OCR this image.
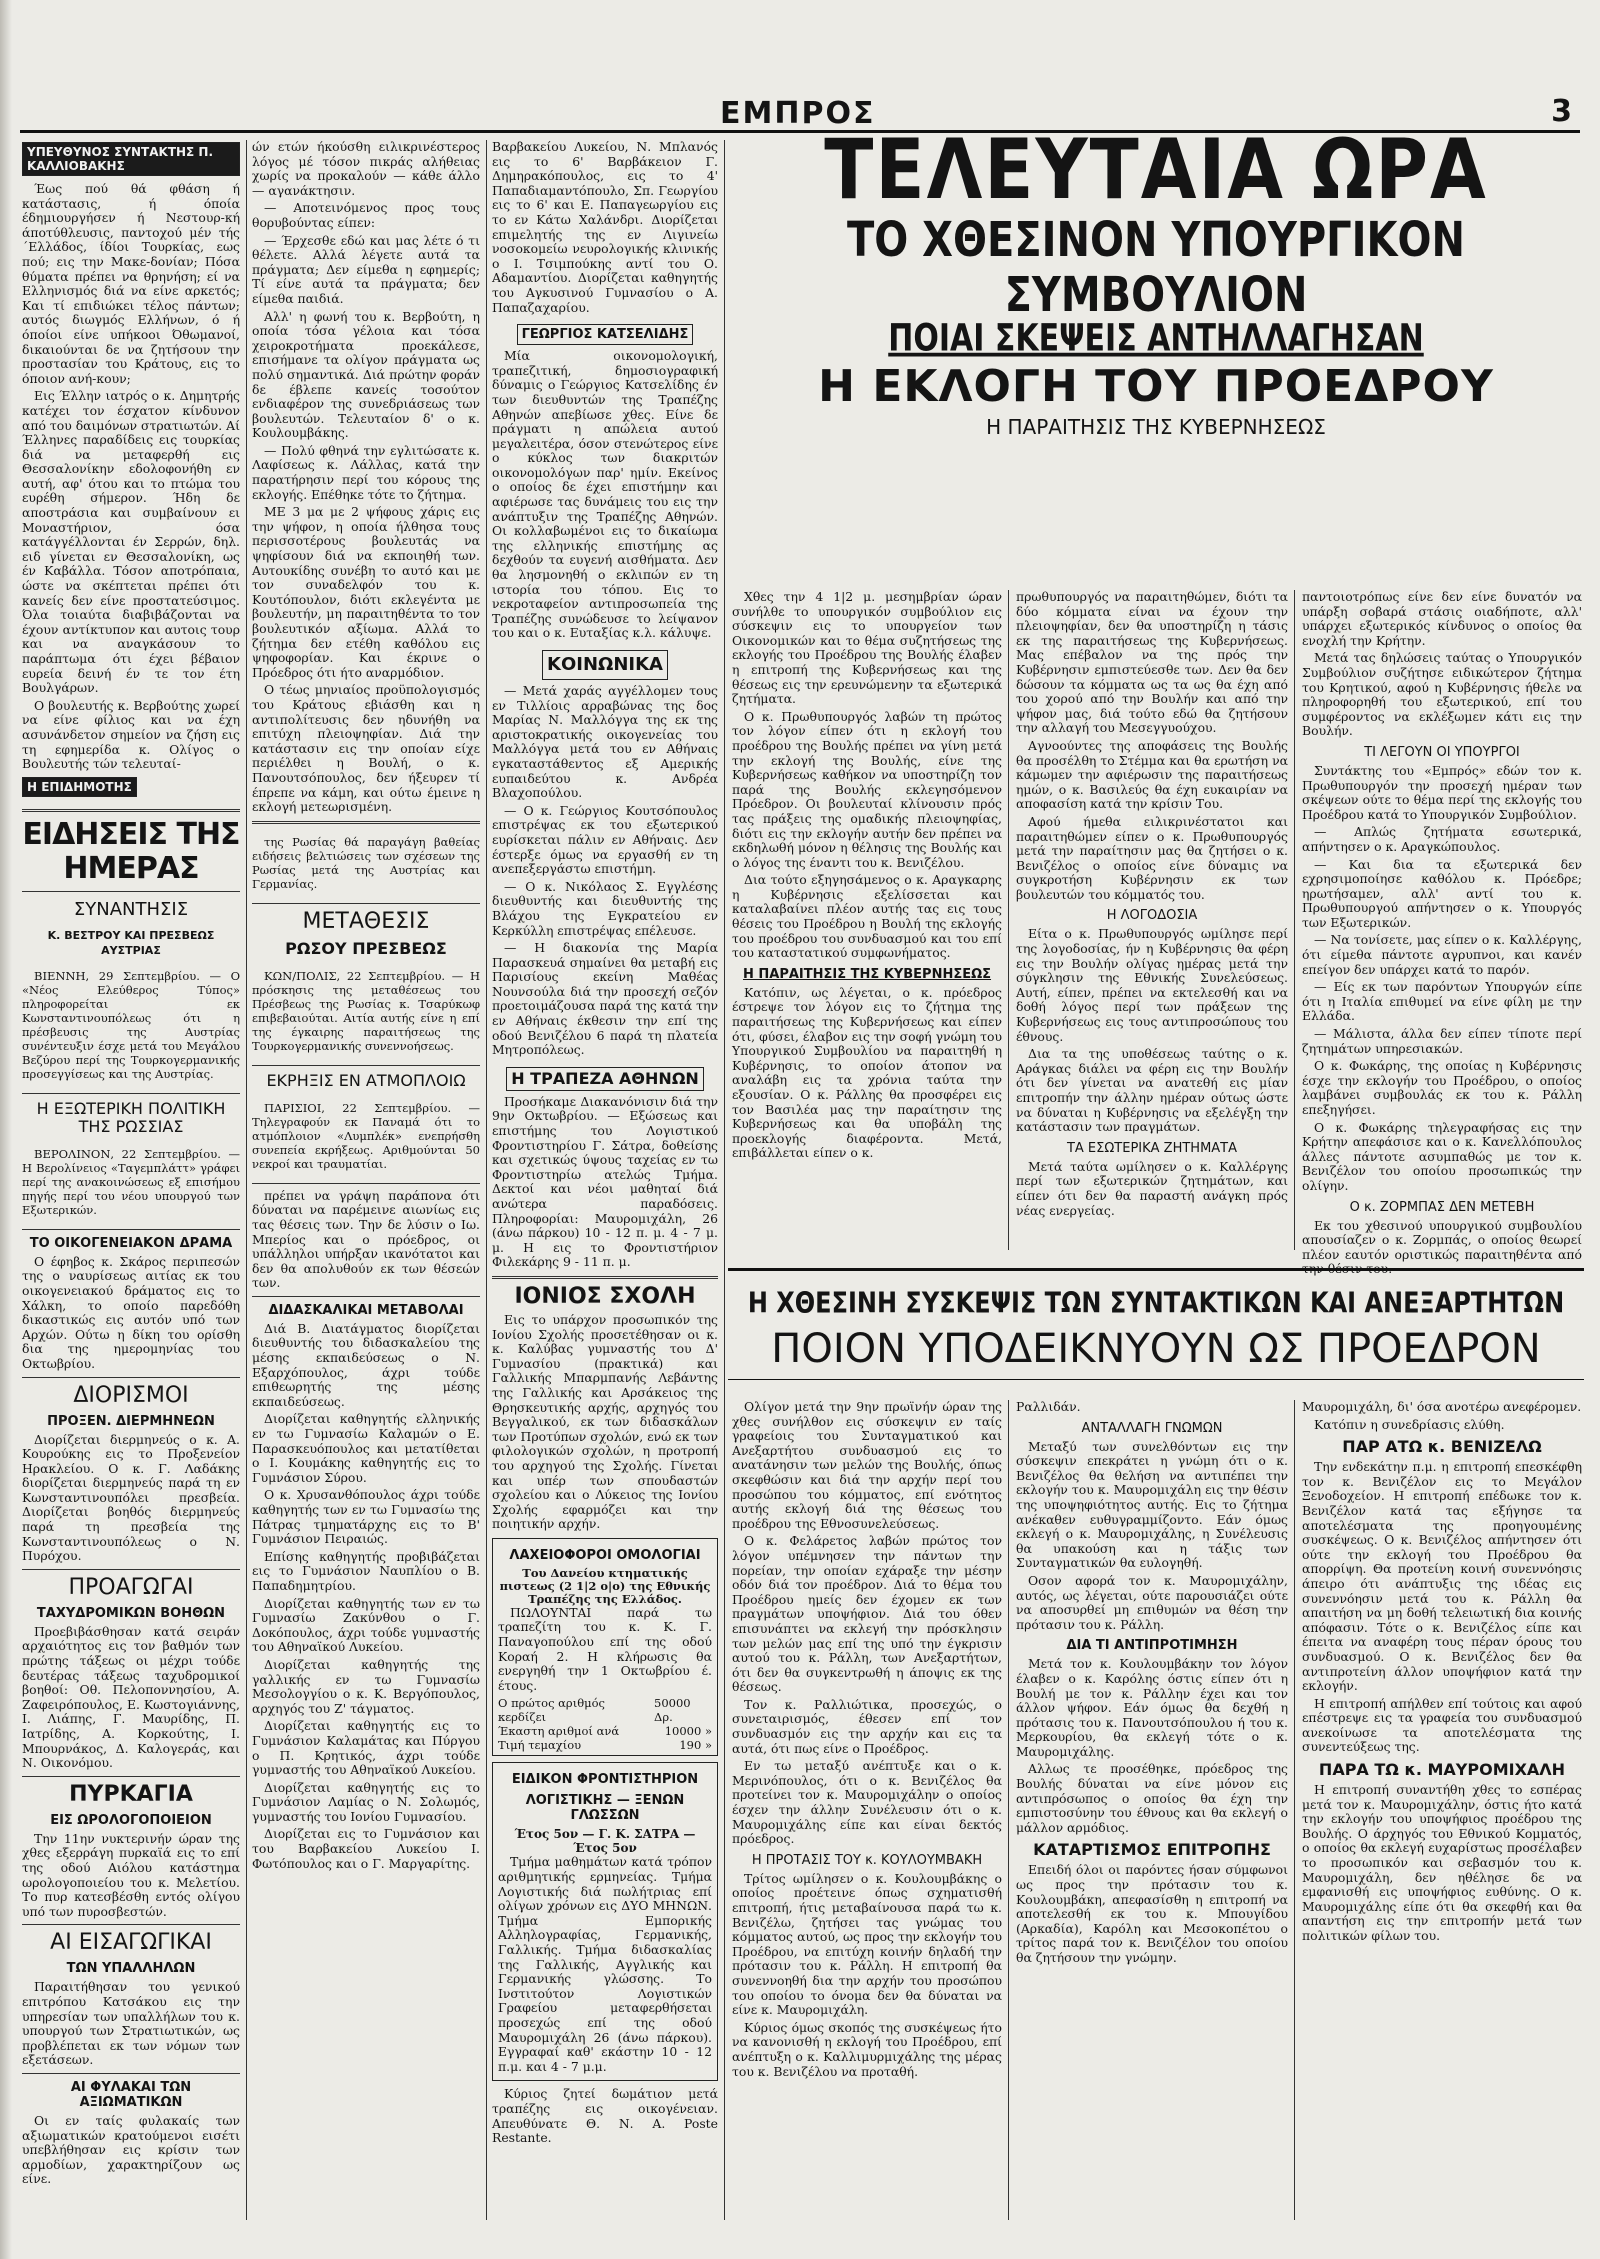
ΕΜΠΡΟΣ	3
ΥΠΕΥΘΥΝΟΣ ΣΥΝΤΑΚΤΗΣ Π. ΚΑΛΛΙΟΒΑΚΗΣ

Έως πού θά φθάση ή κατάστασις, ή όποία έδημιουργήσεν ή Νεστουρ-κή άποτύθλευσις, παντοχού μέν τής ΄Ελλάδος, ίδίοι Τουρκίας, εως πού; εις την Μακε-δονίαν; Πόσα θύματα πρέπει να θρηνήση; εί να Ελληνισμός διά να είνε αρκετός; Και τί επιδιώκει τέλος πάντων; αυτός διωγμός Ελλήνων, ό ή όποίοι είνε υπήκοοι Όθωμανοί, δικαιούνται δε να ζητήσουν την προστασίαν του Κράτους, εις το όποιον ανή-κουν;

Εις Έλλην ιατρός ο κ. Δημητρής κατέχει τον έσχατον κίνδυνον από του δαιμόνων στρατιωτών. Αί Έλληνες παραδίδεις εις τουρκίας διά να μεταφερθή εις Θεσσαλονίκην εδολοφονήθη εν αυτή, αφ' ότου και το πτώμα του ευρέθη σήμερον. Ήδη δε αποστράσια και συμβαίνουν ει Μοναστήριον, όσα κατάγγέλλονται έν Σερρών, δηλ. ειδ γίνεται εν Θεσσαλονίκη, ως έν Καβάλλα. Τόσον αποτρόπαια, ώστε να σκέπτεται πρέπει ότι κανείς δεν είνε πρoστατεύσιμος. Όλα τοιαύτα διαβιβάζονται να έχουν αντίκτυπον και αυτοις τουρ και να αναγκάσουν το παράπτωμα ότι έχει βέβαιον ευρεία δεινή έν τε τον έτη Βουλγάρων.

Ο βουλευτής κ. Βερβούτης χωρεί να είνε φίλιος και να έχη ασυνάνδετον σημείον να ζήση εις τη εφημερίδα κ. Ολίγος ο Βουλευτής τών τελευταί-

Η ΕΠΙΔΗΜΟΤΗΣ
ΕΙΔΗΣΕΙΣ ΤΗΣ ΗΜΕΡΑΣ
ΣΥΝΑΝΤΗΣΙΣ
Κ. ΒΕΣΤΡΟΥ ΚΑΙ ΠΡΕΣΒΕΩΣ ΑΥΣΤΡΙΑΣ

ΒΙΕΝΝΗ, 29 Σεπτεμβρίου. — Ο «Νέος Ελεύθερος Τύπος» πληροφορείται εκ Κωνσταντινουπόλεως ότι η πρέσβευσις της Αυστρίας συνέντευξιν έσχε μετά του Μεγάλου Βεζύρου περί της Τουρκογερμανικής προσεγγίσεως και της Αυστρίας.

Η ΕΞΩΤΕΡΙΚΗ ΠΟΛΙΤΙΚΗ ΤΗΣ ΡΩΣΣΙΑΣ

ΒΕΡΟΛΙΝΟΝ, 22 Σεπτεμβρίου. — Η Βερολίνειος «Ταγεμπλάττ» γράφει περί της ανακοινώσεως εξ επισήμου πηγής περί του νέου υπουργού των Εξωτερικών.

ΤΟ ΟΙΚΟΓΕΝΕΙΑΚΟΝ ΔΡΑΜΑ

Ο έφηβος κ. Σκάρος περιπεσών της ο ναυρίσεως αιτίας εκ του οικογενειακού δράματος εις το Χάλκη, το οποίο παρεδόθη δικαστικώς εις αυτόν υπό των Αρχών. Ούτω η δίκη του ορίσθη δια της ημερομηνίας του Οκτωβρίου.

ΔΙΟΡΙΣΜΟΙ
ΠΡΟΞΕΝ. ΔΙΕΡΜΗΝΕΩΝ

Διορίζεται διερμηνεύς ο κ. Α. Κουρούκης εις το Προξενείον Ηρακλείου. Ο κ. Γ. Λαδάκης διορίζεται διερμηνεύς παρά τη εν Κωνσταντινουπόλει πρεσβεία. Διορίζεται βοηθός διερμηνεύς παρά τη πρεσβεία της Κωνσταντινουπόλεως ο Ν. Πυρόχου.

ΠΡΟΑΓΩΓΑΙ
ΤΑΧΥΔΡΟΜΙΚΩΝ ΒΟΗΘΩΝ

Προεβιβάσθησαν κατά σειράν αρχαιότητος εις τον βαθμόν των πρώτης τάξεως οι μέχρι τούδε δευτέρας τάξεως ταχυδρομικοί βοηθοί: Οθ. Πελοποννησίου, Α. Ζαφειρόπουλος, Ε. Κωστογιάννης, Ι. Λιάπης, Γ. Μαυρίδης, Π. Ιατρίδης, Α. Κορκούτης, Ι. Μπουρνάκος, Δ. Καλογεράς, και Ν. Οικονόμου.

ΠΥΡΚΑΓΙΑ
ΕΙΣ ΩΡΟΛΟΓΟΠΟΙΕΙΟΝ

Την 11ην νυκτερινήν ώραν της χθες εξερράγη πυρκαϊά εις το επί της οδού Αιόλου κατάστημα ωρολογοποιείου του κ. Μελετίου. Το πυρ κατεσβέσθη εντός ολίγου υπό των πυροσβεστών.

ΑΙ ΕΙΣΑΓΩΓΙΚΑΙ
ΤΩΝ ΥΠΑΛΛΗΛΩΝ

Παραιτήθησαν του γενικού επιτρόπου Κατσάκου εις την υπηρεσίαν των υπαλλήλων του κ. υπουργού των Στρατιωτικών, ως προβλέπεται εκ των νόμων των εξετάσεων.

ΑΙ ΦΥΛΑΚΑΙ ΤΩΝ ΑΞΙΩΜΑΤΙΚΩΝ

Οι εν ταίς φυλακαίς των αξιωματικών κρατούμενοι εισέτι υπεβλήθησαν εις κρίσιν των αρμοδίων, χαρακτηρίζουν ως είνε.

ών ετών ήκούσθη ειλικρινέστερος λόγος μέ τόσον πικράς αλήθειας χωρίς να προκαλούν — κάθε άλλο — αγανάκτησιν.

— Αποτεινόμενος προς τους θορυβούντας είπεν:

— Έρχεσθε εδώ και μας λέτε ό τι θέλετε. Αλλά λέγετε αυτά τα πράγματα; Δεν είμεθα η εφημερίς; Τί είνε αυτά τα πράγματα; δεν είμεθα παιδιά.

Αλλ' η φωνή του κ. Βερβούτη, η οποία τόσα γέλοια και τόσα χειροκροτήματα προεκάλεσε, επισήμανε τα ολίγον πράγματα ως πολύ σημαντικά. Διά πρώτην φοράν δε έβλεπε κανείς τοσούτον ενδιαφέρον της συνεδριάσεως των βουλευτών. Τελευταίον δ' ο κ. Κουλουμβάκης.

— Πολύ φθηνά την εγλιτώσατε κ. Λαφίσεως κ. Λάλλας, κατά την παρατήρησιν περί του κόρους της εκλογής. Επέθηκε τότε το ζήτημα.

ΜΕ 3 μα με 2 ψήφους χάρις εις την ψήφον, η οποία ήλθησα τους περισσοτέρους βουλευτάς να ψηφίσουν διά να εκποιηθή των. Αυτουκίδης συνέβη το αυτό και με τον συναδελφόν του κ. Κουτόπουλον, διότι εκλεγέντα με βουλευτήν, μη παραιτηθέντα το τον βουλευτικόν αξίωμα. Αλλά το ζήτημα δεν ετέθη καθόλου εις ψηφοφορίαν. Και έκρινε ο Πρόεδρος ότι ήτο αναρμόδιον.

Ο τέως μηνιαίος προϋπολογισμός του Κράτους εβιάσθη και η αντιπολίτευσις δεν ηδυνήθη να επιτύχη πλειοψηφίαν. Διά την κατάστασιν εις την οποίαν είχε περιέλθει η Βουλή, ο κ. Πανουτσόπουλος, δεν ήξευρεν τί έπρεπε να κάμη, και ούτω έμεινε η εκλογή μετεωρισμένη.

της Ρωσίας θά παραγάγη βαθείας ειδήσεις βελτιώσεις των σχέσεων της Ρωσίας μετά της Αυστρίας και Γερμανίας.

ΜΕΤΑΘΕΣΙΣ
ΡΩΣΟΥ ΠΡΕΣΒΕΩΣ

ΚΩΝ/ΠΟΛΙΣ, 22 Σεπτεμβρίου. — Η πρόσκησις της μεταθέσεως του Πρέσβεως της Ρωσίας κ. Τσαρύκωφ επιβεβαιούται. Αιτία αυτής είνε η επί της έγκαιρης παραιτήσεως της Τουρκογερμανικής συνεννοήσεως.

ΕΚΡΗΞΙΣ ΕΝ ΑΤΜΟΠΛΟΙΩ

ΠΑΡΙΣΙΟΙ, 22 Σεπτεμβρίου. — Τηλεγραφούν εκ Παναμά ότι το ατμόπλοιον «Λυμπλέκ» ενεπρήσθη συνεπεία εκρήξεως. Αριθμούνται 50 νεκροί και τραυματίαι.

πρέπει να γράψη παράπονα ότι δύναται να παρέμεινε αιωνίως εις τας θέσεις των. Την δε λύσιν ο Ιω. Μπερίος και ο πρόεδρος, οι υπάλληλοι υπήρξαν ικανότατοι και δεν θα απολυθούν εκ των θέσεών των.

ΔΙΔΑΣΚΑΛΙΚΑΙ ΜΕΤΑΒΟΛΑΙ

Διά Β. Διατάγματος διορίζεται διευθυντής του διδασκαλείου της μέσης εκπαιδεύσεως ο Ν. Εξαρχόπουλος, άχρι τούδε επιθεωρητής της μέσης εκπαιδεύσεως.

Διορίζεται καθηγητής ελληνικής εν τω Γυμνασίω Καλαμών ο Ε. Παρασκευόπουλος και μετατίθεται ο Ι. Κουμάκης καθηγητής εις το Γυμνάσιον Σύρου.

Ο κ. Χρυσανθόπουλος άχρι τούδε καθηγητής των εν τω Γυμνασίω της Πάτρας τμηματάρχης εις το Β' Γυμνάσιον Πειραιώς.

Επίσης καθηγητής προβιβάζεται εις το Γυμνάσιον Ναυπλίου ο Β. Παπαδημητρίου.

Διορίζεται καθηγητής των εν τω Γυμνασίω Ζακύνθου ο Γ. Δοκόπουλος, άχρι τούδε γυμναστής του Αθηναϊκού Λυκείου.

Διορίζεται καθηγητής της γαλλικής εν τω Γυμνασίω Μεσολογγίου ο κ. Κ. Βεργόπουλος, αρχηγός του Ζ' τάγματος.

Διορίζεται καθηγητής εις το Γυμνάσιον Καλαμάτας και Πύργου ο Π. Κρητικός, άχρι τούδε γυμναστής του Αθηναϊκού Λυκείου.

Διορίζεται καθηγητής εις το Γυμνάσιον Λαμίας ο Ν. Σολωμός, γυμναστής του Ιονίου Γυμνασίου.

Διορίζεται εις το Γυμνάσιον και του Βαρβακείου Λυκείου Ι. Φωτόπουλος και ο Γ. Μαργαρίτης.

Βαρβακείου Λυκείου, Ν. Μπλανός εις το 6' Βαρβάκειον Γ. Δημηρακόπουλος, εις το 4' Παπαδιαμαντόπουλο, Σπ. Γεωργίου εις το 6' και Ε. Παπαγεωργίου εις το εν Κάτω Χαλάνδρι. Διορίζεται επιμελητής της εν Λιγινείω νοσοκομείω νευρολογικής κλινικής ο Ι. Τσιμπούκης αντί του Ο. Αδαμαντίου. Διορίζεται καθηγητής του Αγκυσινού Γυμνασίου ο Α. Παπαζαχαρίου.

ΓΕΩΡΓΙΟΣ ΚΑΤΣΕΛΙΔΗΣ

Μία οικονομολογική, τραπεζιτική, δημοσιογραφική δύναμις ο Γεώργιος Κατσελίδης έν των διευθυντών της Τραπέζης Αθηνών απεβίωσε χθες. Είνε δε πράγματι η απώλεια αυτού μεγαλειτέρα, όσον στενώτερος είνε ο κύκλος των διακριτών οικονομολόγων παρ' ημίν. Εκείνος ο οποίος δε έχει επιστήμην και αφιέρωσε τας δυνάμεις του εις την ανάπτυξιν της Τραπέζης Αθηνών. Οι κολλαβωμένοι εις το δικαίωμα της ελληνικής επιστήμης ας δεχθούν τα ευγενή αισθήματα. Δεν θα λησμονηθή ο εκλιπών εν τη ιστορία του τόπου. Εις το νεκροταφείον αντιπροσωπεία της Τραπέζης συνώδευσε το λείψανον του και ο κ. Ευταξίας κ.λ. κάλυψε.

ΚΟΙΝΩΝΙΚΑ

— Μετά χαράς αγγέλλομεν τους εν Τιλλίοις αρραβώνας της δος Μαρίας Ν. Μαλλόγγα της εκ της αριστοκρατικής οικογενείας του Μαλλόγγα μετά του εν Αθήναις εγκαταστάθεντος εξ Αμερικής ευπαιδεύτου κ. Ανδρέα Βλαχοπούλου.

— Ο κ. Γεώργιος Κουτσόπουλος επιστρέψας εκ του εξωτερικού ευρίσκεται πάλιν εν Αθήναις. Δεν έστερξε όμως να εργασθή εν τη ανεπεξεργάστω επιστήμη.

— Ο κ. Νικόλαος Σ. Εγγλέσης διευθυντής και διευθυντής της Βλάχου της Εγκρατείου εν Κερκύλλη επιστρέψας επέλευσε.

— Η διακονία της Μαρία Παρασκευά σημαίνει θα μεταβή εις Παρισίους εκείνη Μαθέας Νουνσούλα διά την προσεχή σεζόν προετοιμάζουσα παρά της κατά την εν Αθήναις έκθεσιν την επί της οδού Βενιζέλου 6 παρά τη πλατεία Μητροπόλεως.

Η ΤΡΑΠΕΖΑ ΑΘΗΝΩΝ

Προσήκαμε Διακανόνισιν διά την 9ην Οκτωβρίου. — Εξώσεως και επιστήμης του Λογιστικού Φροντιστηρίου Γ. Σάτρα, δοθείσης και σχετικώς ύψους ταχείας εν τω Φροντιστηρίω ατελώς Τμήμα. Δεκτοί και νέοι μαθηταί διά ανώτερα παραδόσεις. Πληροφορίαι: Μαυρομιχάλη, 26 (άνω πάρκου) 10 - 12 π. μ. 4 - 7 μ. μ. Η εις το Φροντιστήριον Φιλεκάρης 9 - 11 π. μ.

ΙΟΝΙΟΣ ΣΧΟΛΗ

Εις το υπάρχον προσωπικόν της Ιονίου Σχολής προσετέθησαν οι κ. κ. Καλύβας γυμναστής του Δ' Γυμνασίου (πρακτικά) και Γαλλικής Μπαρμπανής Λεβάντης της Γαλλικής και Αρσάκειος της Θρησκευτικής αρχής, αρχηγός του Βεγγαλικού, εκ των διδασκάλων των Προτύπων σχολών, ενώ εκ των φιλολογικών σχολών, η προτροπή του αρχηγού της Σχολής. Γίνεται και υπέρ των σπουδαστών σχολείου και ο Λύκειος της Ιονίου Σχολής εφαρμόζει και την ποιητικήν αρχήν.

ΛΑΧΕΙΟΦΟΡΟΙ ΟΜΟΛΟΓΙΑΙ
Του Δανείου κτηματικής πιστεως (2 1|2 ο|ο) της Εθνικής Τραπέζης της Ελλάδος.

ΠΩΛΟΥΝΤΑΙ παρά τω τραπεζίτη του κ. Κ. Γ. Παναγοπούλου επί της οδού Κοραή 2. Η κλήρωσις θα ενεργηθή την 1 Οκτωβρίου έ. έτους.

Ο πρώτος αριθμός κερδίζει
50000 Δρ.
Έκαστη αριθμοί ανά	10000 »
Τιμή τεμαχίου	190 »
ΕΙΔΙΚΟΝ ΦΡΟΝΤΙΣΤΗΡΙΟΝ
ΛΟΓΙΣΤΙΚΗΣ — ΞΕΝΩΝ ΓΛΩΣΣΩΝ
Έτος 5ον — Γ. Κ. ΣΑΤΡΑ — Έτος 5ον

Τμήμα μαθημάτων κατά τρόπον αριθμητικής ερμηνείας. Τμήμα Λογιστικής διά πωλήτριας επί ολίγων χρόνων εις ΔΥΟ ΜΗΝΩΝ. Τμήμα Εμπορικής Αλληλογραφίας, Γερμανικής, Γαλλικής. Τμήμα διδασκαλίας της Γαλλικής, Αγγλικής και Γερμανικής γλώσσης. Το Ινστιτούτον Λογιστικών Γραφείου μεταφερθήσεται προσεχώς επί της οδού Μαυρομιχάλη 26 (άνω πάρκου). Εγγραφαί καθ' εκάστην 10 - 12 π.μ. και 4 - 7 μ.μ.

Κύριος ζητεί δωμάτιον μετά τραπέζης εις οικογένειαν. Απευθύνατε Θ. Ν. Α. Poste Restante.

ΤΕΛΕΥΤΑΙΑ ΩΡΑ
ΤΟ ΧΘΕΣΙΝΟΝ ΥΠΟΥΡΓΙΚΟΝ ΣΥΜΒΟΥΛΙΟΝ
ΠΟΙΑΙ ΣΚΕΨΕΙΣ ΑΝΤΗΛΛΑΓΗΣΑΝ
Η ΕΚΛΟΓΗ ΤΟΥ ΠΡΟΕΔΡΟΥ
Η ΠΑΡΑΙΤΗΣΙΣ ΤΗΣ ΚΥΒΕΡΝΗΣΕΩΣ

Χθες την 4 1|2 μ. μεσημβρίαν ώραν συνήλθε το υπουργικόν συμβούλιον εις σύσκεψιν εις το υπουργείον των Οικονομικών και το θέμα συζητήσεως της εκλογής του Προέδρου της Βουλής έλαβεν η επιτροπή της Κυβερνήσεως και της θέσεως εις την ερευνώμενην τα εξωτερικά ζητήματα.

Ο κ. Πρωθυπουργός λαβών τη πρώτος τον λόγον είπεν ότι η εκλογή του προέδρου της Βουλής πρέπει να γίνη μετά την εκλογή της Βουλής, είνε της Κυβερνήσεως καθήκον να υποστηρίζη τον παρά της Βουλής εκλεγησόμενον Πρόεδρον. Οι βουλευταί κλίνουσιν πρός τας πράξεις της ομαδικής πλειοψηφίας, διότι εις την εκλογήν αυτήν δεν πρέπει να εκδηλωθή μόνον η θέλησις της Βουλής και ο λόγος της έναντι του κ. Βενιζέλου.

Δια τούτο εξηγησάμενος ο κ. Αραγκαρης η Κυβέρνησις εξελίσσεται και καταλαβαίνει πλέον αυτής τας εις τους θέσεις του Προέδρου η Βουλή της εκλογής του προέδρου του συνδυασμού και του επί του καταστατικού συμφωνήματος.

Η ΠΑΡΑΙΤΗΣΙΣ ΤΗΣ ΚΥΒΕΡΝΗΣΕΩΣ

Κατόπιν, ως λέγεται, ο κ. πρόεδρος έστρεψε τον λόγον εις το ζήτημα της παραιτήσεως της Κυβερνήσεως και είπεν ότι, φύσει, έλαβον εις την σοφή γνώμη του Υπουργικού Συμβουλίου να παραιτηθή η Κυβέρνησις, το οποίον άτοπον να αναλάβη εις τα χρόνια ταύτα την εξουσίαν. Ο κ. Ράλλης θα προσφέρει εις τον Βασιλέα μας την παραίτησιν της Κυβερνήσεως και θα υποβάλη της προεκλογής διαφέροντα. Μετά, επιβάλλεται είπεν ο κ.

πρωθυπουργός να παραιτηθώμεν, διότι τα δύο κόμματα είναι να έχουν την πλειοψηφίαν, δεν θα υποστηρίζη η τάσις εκ της παραιτήσεως της Κυβερνήσεως. Μας επέβαλον να της πρός την Κυβέρνησιν εμπιστεύεσθε των. Δεν θα δεν δώσουν τα κόμματα ως τα ως θα έχη από του χορού από την Βουλήν και από την ψήφον μας, διά τούτο εδώ θα ζητήσουν την αλλαγή του Μεσεγγυούχου.

Αγνοούντες της αποφάσεις της Βουλής θα προσέλθη το Στέμμα και θα ερωτήση να κάμωμεν την αφιέρωσιν της παραιτήσεως ημών, ο κ. Βασιλεύς θα έχη ευκαιρίαν να αποφασίση κατά την κρίσιν Του.

Αφού ήμεθα ειλικρινέστατοι και παραιτηθώμεν είπεν ο κ. Πρωθυπουργός μετά την παραίτησιν μας θα ζητήσει ο κ. Βενιζέλος ο οποίος είνε δύναμις να συγκροτήση Κυβέρνησιν εκ των βουλευτών του κόμματός του.

Η ΛΟΓΟΔΟΣΙΑ

Είτα ο κ. Πρωθυπουργός ωμίλησε περί της λογοδοσίας, ήν η Κυβέρνησις θα φέρη εις την Βουλήν ολίγας ημέρας μετά την σύγκλησιν της Εθνικής Συνελεύσεως. Αυτή, είπεν, πρέπει να εκτελεσθή και να δοθή λόγος περί των πράξεων της Κυβερνήσεως εις τους αντιπροσώπους του έθνους.

Δια τα της υποθέσεως ταύτης ο κ. Αράγκας διάλει να φέρη εις την Βουλήν ότι δεν γίνεται να ανατεθή εις μίαν επιτροπήν την άλλην ημέραν ούτως ώστε να δύναται η Κυβέρνησις να εξελέγξη την κατάστασιν των πραγμάτων.

ΤΑ ΕΣΩΤΕΡΙΚΑ ΖΗΤΗΜΑΤΑ

Μετά ταύτα ωμίλησεν ο κ. Καλλέργης περί των εξωτερικών ζητημάτων, και είπεν ότι δεν θα παραστή ανάγκη πρός νέας ενεργείας.

παντοιοτρόπως είνε δεν είνε δυνατόν να υπάρξη σοβαρά στάσις οιαδήποτε, αλλ' υπάρχει εξωτερικός κίνδυνος ο οποίος θα ενοχλή την Κρήτην.

Μετά τας δηλώσεις ταύτας ο Υπουργικόν Συμβούλιον συζήτησε ειδικώτερον ζήτημα του Κρητικού, αφού η Κυβέρνησις ήθελε να πληροφορηθή του εξωτερικού, επί του συμφέροντος να εκλέξωμεν κάτι εις την Βουλήν.

ΤΙ ΛΕΓΟΥΝ ΟΙ ΥΠΟΥΡΓΟΙ

Συντάκτης του «Εμπρός» εδών τον κ. Πρωθυπουργόν την προσεχή ημέραν των σκέψεων ούτε το θέμα περί της εκλογής του Προέδρου κατά το Υπουργικόν Συμβούλιον.

— Απλώς ζητήματα εσωτερικά, απήντησεν ο κ. Αραγκώπουλος.

— Και δια τα εξωτερικά δεν εχρησιμοποίησε καθόλου κ. Πρόεδρε; ηρωτήσαμεν, αλλ' αντί του κ. Πρωθυπουργού απήντησεν ο κ. Υπουργός των Εξωτερικών.

— Να τονίσετε, μας είπεν ο κ. Καλλέργης, ότι είμεθα πάντοτε αγρυπνοι, και κανέν επείγον δεν υπάρχει κατά το παρόν.

— Είς εκ των παρόντων Υπουργών είπε ότι η Ιταλία επιθυμεί να είνε φίλη με την Ελλάδα.

— Μάλιστα, άλλα δεν είπεν τίποτε περί ζητημάτων υπηρεσιακών.

Ο κ. Φωκάρης, της οποίας η Κυβέρνησις έσχε την εκλογήν του Προέδρου, ο οποίος λαμβάνει συμβουλάς εκ του κ. Ράλλη επεξηγήσει.

Ο κ. Φωκάρης τηλεγραφήσας εις την Κρήτην απεφάσισε και ο κ. Κανελλόπουλος άλλες πάντοτε ασυμπαθώς με τον κ. Βενιζέλον του οποίου προσωπικώς την ολίγην.

Ο κ. ΖΟΡΜΠΑΣ ΔΕΝ ΜΕΤΕΒΗ

Εκ του χθεσινού υπουργικού συμβουλίου απουσίαζεν ο κ. Ζορμπάς, ο οποίος θεωρεί πλέον εαυτόν οριστικώς παραιτηθέντα από την θέσιν του.

Η ΧΘΕΣΙΝΗ ΣΥΣΚΕΨΙΣ ΤΩΝ ΣΥΝΤΑΚΤΙΚΩΝ ΚΑΙ ΑΝΕΞΑΡΤΗΤΩΝ
ΠΟΙΟΝ ΥΠΟΔΕΙΚΝΥΟΥΝ ΩΣ ΠΡΟΕΔΡΟΝ

Ολίγον μετά την 9ην πρωϊνήν ώραν της χθες συνήλθον εις σύσκεψιν εν ταίς γραφείοις του Συνταγματικού και Ανεξαρτήτου συνδυασμού εις το ανατάνησιν των μελών της Βουλής, όπως σκεφθώσιν και διά την αρχήν περί του προσώπου του κόμματος, επί ενότητος αυτής εκλογή διά της θέσεως του προέδρου της Εθνοσυνελεύσεως.

Ο κ. Φελάρετος λαβών πρώτος τον λόγον υπέμνησεν την πάντων την πορείαν, την οποίαν εχάραξε την μέσην οδόν διά τον προέδρον. Διά το θέμα του Προέδρου ημείς δεν έχομεν εκ των πραγμάτων υποψήφιον. Διά του όθεν επισυνάπτει να εκλεγή την πρόσκλησιν των μελών μας επί της υπό την έγκρισιν αυτού του κ. Ράλλη, των Ανεξαρτήτων, ότι δεν θα συγκεντρωθή η άποψις εκ της θέσεως.

Τον κ. Ραλλιώτικα, προσεχώς, ο συνεταιρισμός, έθεσεν επί τον συνδυασμόν εις την αρχήν και εις τα αυτά, ότι πως είνε ο Προέδρος.

Εν τω μεταξύ ανέπτυξε και ο κ. Μερινόπουλος, ότι ο κ. Βενιζέλος θα προτείνει τον κ. Μαυρομιχάλην ο οποίος έσχεν την άλλην Συνέλευσιν ότι ο κ. Μαυρομιχάλης είπε και είναι δεκτός πρόεδρος.

Η ΠΡΟΤΑΣΙΣ ΤΟΥ κ. ΚΟΥΛΟΥΜΒΑΚΗ

Τρίτος ωμίλησεν ο κ. Κουλουμβάκης ο οποίος προέτεινε όπως σχηματισθή επιτροπή, ήτις μεταβαίνουσα παρά τω κ. Βενιζέλω, ζητήσει τας γνώμας του κόμματος αυτού, ως προς την εκλογήν του Προέδρου, να επιτύχη κοινήν δηλαδή την πρότασιν του κ. Ράλλη. Η επιτροπή θα συνεννοηθή δια την αρχήν του προσώπου του οποίου το όνομα δεν θα δύναται να είνε κ. Μαυρομιχάλη.

Κύριος όμως σκοπός της συσκέψεως ήτο να κανονισθή η εκλογή του Προέδρου, επί ανέπτυξη ο κ. Καλλιμυρμιχάλης της μέρας του κ. Βενιζέλου να προταθή.

Ραλλιδάν.

ΑΝΤΑΛΛΑΓΗ ΓΝΩΜΩΝ

Μεταξύ των συνελθόντων εις την σύσκεψιν επεκράτει η γνώμη ότι ο κ. Βενιζέλος θα θελήση να αντιπέπει την εκλογήν του κ. Μαυρομιχάλη εις την θέσιν της υποψηφιότητος αυτής. Εις το ζήτημα ανέκαθεν ευθυγραμμίζοντο. Εάν όμως εκλεγή ο κ. Μαυρομιχάλης, η Συνέλευσις θα υπακούση και η τάξις των Συνταγματικών θα ευλογηθή.

Οσον αφορά τον κ. Μαυρομιχάλην, αυτός, ως λέγεται, ούτε παρουσιάζει ούτε να αποσυρθεί μη επιθυμών να θέση την πρότασιν του κ. Ράλλη.

ΔΙΑ ΤΙ ΑΝΤΙΠΡΟΤΙΜΗΣΗ

Μετά τον κ. Κουλουμβάκην τον λόγον έλαβεν ο κ. Καρόλης όστις είπεν ότι η Βουλή με τον κ. Ράλλην έχει και τον άλλον ψήφον. Εάν όμως θα δεχθή η πρότασις του κ. Πανουτσόπουλου ή του κ. Μερκουρίου, θα εκλεγή τότε ο κ. Μαυρομιχάλης.

Αλλως τε προσέθηκε, πρόεδρος της Βουλής δύναται να είνε μόνον εις αντιπρόσωπος ο οποίος θα έχη την εμπιστοσύνην του έθνους και θα εκλεγή ο μάλλον αρμόδιος.

ΚΑΤΑΡΤΙΣΜΟΣ ΕΠΙΤΡΟΠΗΣ

Επειδή όλοι οι παρόντες ήσαν σύμφωνοι ως προς την πρότασιν του κ. Κουλουμβάκη, απεφασίσθη η επιτροπή να αποτελεσθή εκ του κ. Μπουγίδου (Αρκαδία), Καρόλη και Μεσοκοπέτου ο τρίτος παρά τον κ. Βενιζέλον του οποίου θα ζητήσουν την γνώμην.

Μαυρομιχάλη, δι' όσα ανοτέρω ανεφέρομεν.

Κατόπιν η συνεδρίασις ελύθη.

ΠΑΡ ΑΤΩ κ. ΒΕΝΙΖΕΛΩ

Την ενδεκάτην π.μ. η επιτροπή επεσκέφθη τον κ. Βενιζέλον εις το Μεγάλον Ξενοδοχείον. Η επιτροπή επέδωκε τον κ. Βενιζέλον κατά τας εξήγησε τα αποτελέσματα της προηγουμένης συσκέψεως. Ο κ. Βενιζέλος απήντησεν ότι ούτε την εκλογή του Προέδρου θα απορρίψη. Θα προτείνη κοινή συνεννόησις άπειρο ότι ανάπτυξις της ιδέας εις συνεννόησιν μετά του κ. Ράλλη θα απαιτήση να μη δοθή τελειωτική δια κοινής απόφασιν. Τότε ο κ. Βενιζέλος είπε και έπειτα να αναφέρη τους πέραν όρους του συνδυασμού. Ο κ. Βενιζέλος δεν θα αντιπροτείνη άλλον υποψήφιον κατά την εκλογήν.

Η επιτροπή απήλθεν επί τούτοις και αφού επέστρεψε εις τα γραφεία του συνδυασμού ανεκοίνωσε τα αποτελέσματα της συνεντεύξεως της.

ΠΑΡΑ ΤΩ κ. ΜΑΥΡΟΜΙΧΑΛΗ

Η επιτροπή συναντήθη χθες το εσπέρας μετά τον κ. Μαυρομιχάλην, όστις ήτο κατά την εκλογήν του υποψήφιος προέδρου της Βουλής. Ο άρχηγός του Εθνικού Κομματός, ο οποίος θα εκλεγή ευχαρίστως προσέλαβεν το προσωπικόν και σεβασμόν του κ. Μαυρομιχάλη, δεν ηθέλησε δε να εμφανισθή εις υποψήφιος ευθύνης. Ο κ. Μαυρομιχάλης είπε ότι θα σκεφθή και θα απαντήση εις την επιτροπήν μετά των πολιτικών φίλων του.
